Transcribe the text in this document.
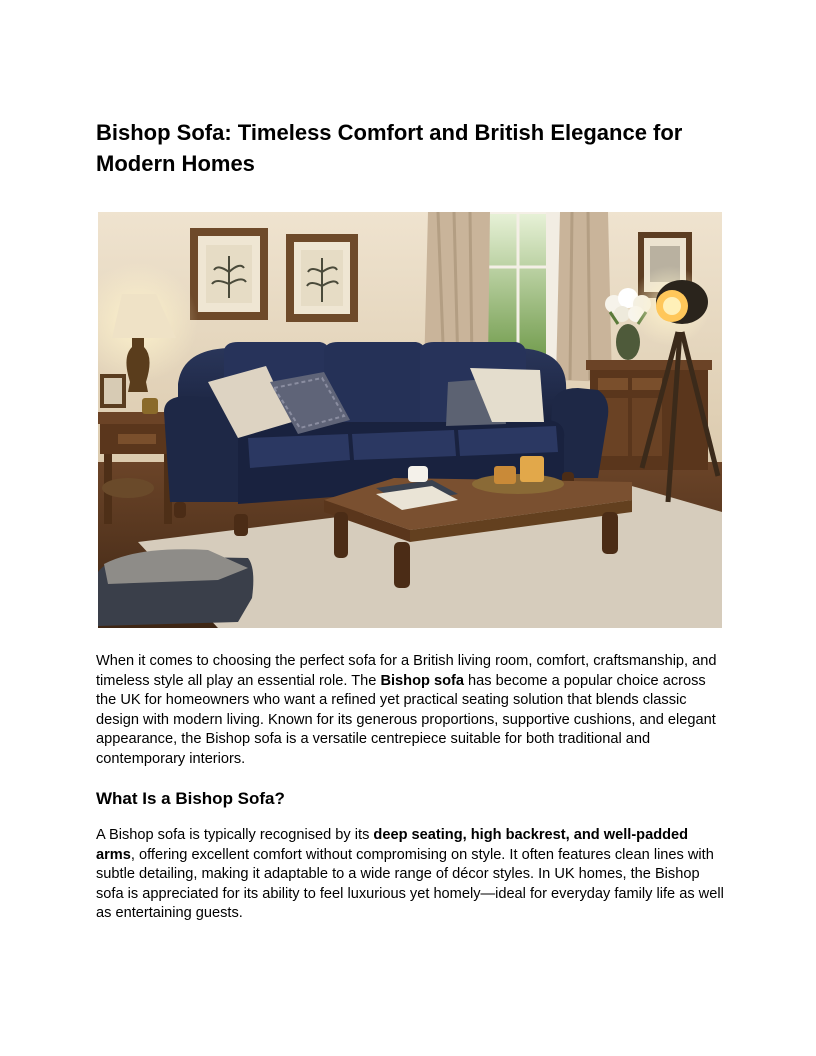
Bishop Sofa: Timeless Comfort and British Elegance for Modern Homes

When it comes to choosing the perfect sofa for a British living room, comfort, craftsmanship, and timeless style all play an essential role. The Bishop sofa has become a popular choice across the UK for homeowners who want a refined yet practical seating solution that blends classic design with modern living. Known for its generous proportions, supportive cushions, and elegant appearance, the Bishop sofa is a versatile centrepiece suitable for both traditional and contemporary interiors.

What Is a Bishop Sofa?

A Bishop sofa is typically recognised by its deep seating, high backrest, and well-padded arms, offering excellent comfort without compromising on style. It often features clean lines with subtle detailing, making it adaptable to a wide range of décor styles. In UK homes, the Bishop sofa is appreciated for its ability to feel luxurious yet homely—ideal for everyday family life as well as entertaining guests.
